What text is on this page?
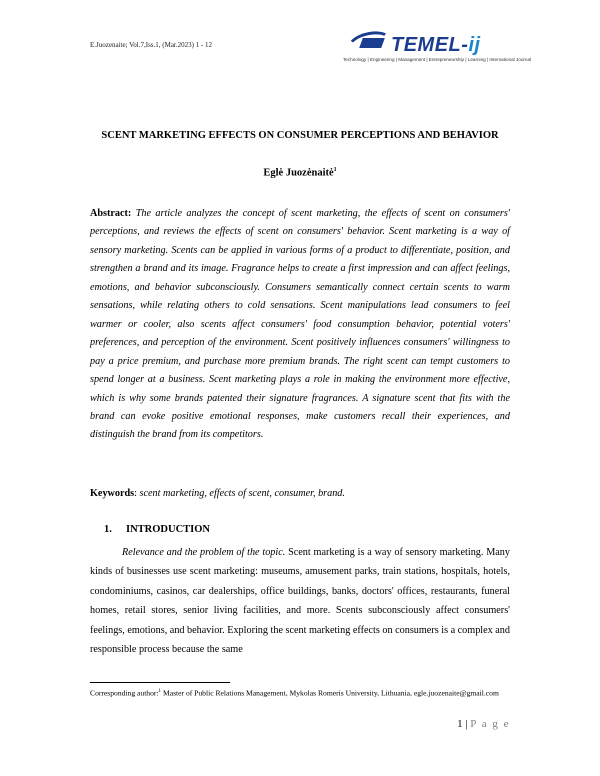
E.Juozenaite; Vol.7,Iss.1, (Mar.2023) 1 - 12	TEMEL-ij
Technology | Engineering | Management | Entrepreneurship | Learning | International Journal
SCENT MARKETING EFFECTS ON CONSUMER PERCEPTIONS AND BEHAVIOR
Eglė Juozėnaitė$^1$

Abstract: The article analyzes the concept of scent marketing, the effects of scent on consumers' perceptions, and reviews the effects of scent on consumers' behavior. Scent marketing is a way of sensory marketing. Scents can be applied in various forms of a product to differentiate, position, and strengthen a brand and its image. Fragrance helps to create a first impression and can affect feelings, emotions, and behavior subconsciously. Consumers semantically connect certain scents to warm sensations, while relating others to cold sensations. Scent manipulations lead consumers to feel warmer or cooler, also scents affect consumers' food consumption behavior, potential voters' preferences, and perception of the environment. Scent positively influences consumers' willingness to pay a price premium, and purchase more premium brands. The right scent can tempt customers to spend longer at a business. Scent marketing plays a role in making the environment more effective, which is why some brands patented their signature fragrances. A signature scent that fits with the brand can evoke positive emotional responses, make customers recall their experiences, and distinguish the brand from its competitors.

Keywords: scent marketing, effects of scent, consumer, brand.
1. INTRODUCTION

Relevance and the problem of the topic. Scent marketing is a way of sensory marketing. Many kinds of businesses use scent marketing: museums, amusement parks, train stations, hospitals, hotels, condominiums, casinos, car dealerships, office buildings, banks, doctors' offices, restaurants, funeral homes, retail stores, senior living facilities, and more. Scents subconsciously affect consumers' feelings, emotions, and behavior. Exploring the scent marketing effects on consumers is a complex and responsible process because the same

Corresponding author:$^1$ Master of Public Relations Management, Mykolas Romeris University, Lithuania, egle.juozenaite@gmail.com

1 | P a g e
